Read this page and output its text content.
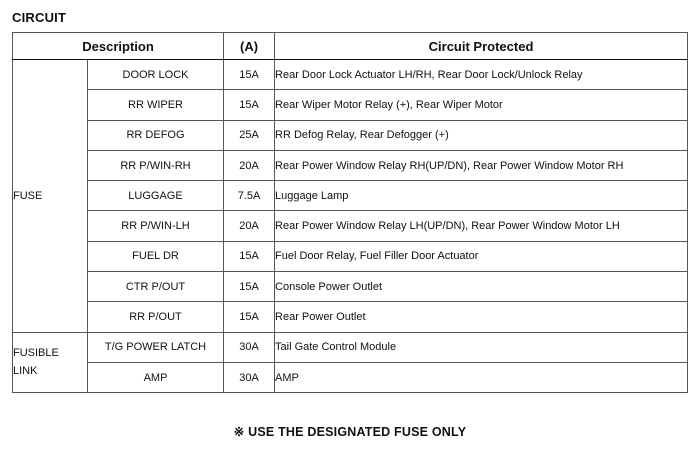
CIRCUIT
Description		(A)	Circuit Protected
FUSE	DOOR LOCK	15A	Rear Door Lock Actuator LH/RH, Rear Door Lock/Unlock Relay
	RR WIPER	15A	Rear Wiper Motor Relay (+), Rear Wiper Motor
	RR DEFOG	25A	RR Defog Relay, Rear Defogger (+)
	RR P/WIN-RH	20A	Rear Power Window Relay RH(UP/DN), Rear Power Window Motor RH
	LUGGAGE	7.5A	Luggage Lamp
	RR P/WIN-LH	20A	Rear Power Window Relay LH(UP/DN), Rear Power Window Motor LH
	FUEL DR	15A	Fuel Door Relay, Fuel Filler Door Actuator
	CTR P/OUT	15A	Console Power Outlet
	RR P/OUT	15A	Rear Power Outlet
FUSIBLE
LINK	T/G POWER LATCH	30A	Tail Gate Control Module
	AMP	30A	AMP
※ USE THE DESIGNATED FUSE ONLY
